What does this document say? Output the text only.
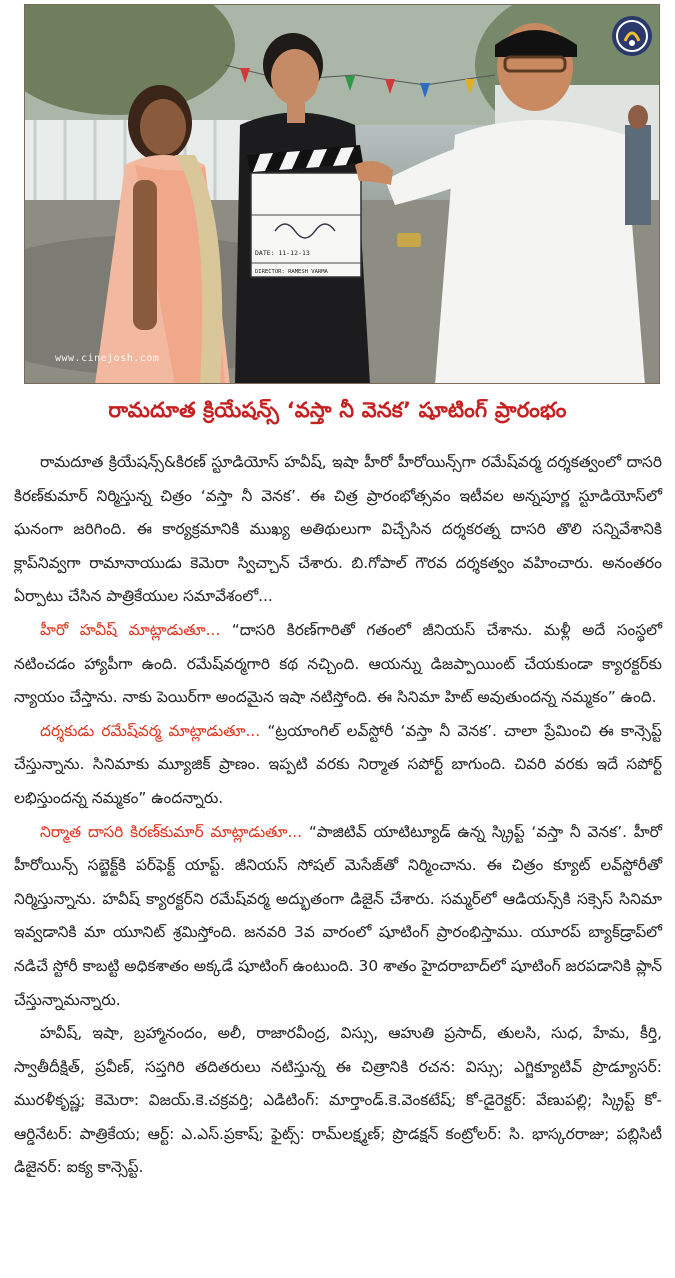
DATE: 11-12-13
DIRECTOR: RAMESH VARMA
www.cinejosh.com
రామదూత క్రియేషన్స్ ‘వస్తా నీ వెనక’ షూటింగ్ ప్రారంభం

రామదూత క్రియేషన్స్&కిరణ్ స్టూడియోస్ హవీష్, ఇషా హీరో హీరోయిన్స్‌గా రమేష్‌వర్మ దర్శకత్వంలో దాసరి కిరణ్‌కుమార్ నిర్మిస్తున్న చిత్రం ‘వస్తా నీ వెనక’. ఈ చిత్ర ప్రారంభోత్సవం ఇటీవల అన్నపూర్ణ స్టూడియోస్‌లో ఘనంగా జరిగింది. ఈ కార్యక్రమానికి ముఖ్య అతిథులుగా విచ్చేసిన దర్శకరత్న దాసరి తొలి సన్నివేశానికి క్లాప్‌నివ్వగా రామానాయుడు కెమెరా స్విచ్చాన్ చేశారు. బి.గోపాల్ గౌరవ దర్శకత్వం వహించారు. అనంతరం ఏర్పాటు చేసిన పాత్రికేయుల సమావేశంలో...

హీరో హవీష్ మాట్లాడుతూ... “దాసరి కిరణ్‌గారితో గతంలో జీనియస్ చేశాను. మళ్లీ అదే సంస్థలో నటించడం హ్యాపీగా ఉంది. రమేష్‌వర్మగారి కథ నచ్చింది. ఆయన్ను డిజప్పాయింట్ చేయకుండా క్యారక్టర్‌కు న్యాయం చేస్తాను. నాకు పెయిర్‌గా అందమైన ఇషా నటిస్తోంది. ఈ సినిమా హిట్ అవుతుందన్న నమ్మకం” ఉంది.

దర్శకుడు రమేష్‌వర్మ మాట్లాడుతూ... “ట్రయాంగిల్ లవ్‌స్టోరీ ‘వస్తా నీ వెనక’. చాలా ప్రేమించి ఈ కాన్సెప్ట్ చేస్తున్నాను. సినిమాకు మ్యూజిక్ ప్రాణం. ఇప్పటి వరకు నిర్మాత సపోర్ట్ బాగుంది. చివరి వరకు ఇదే సపోర్ట్ లభిస్తుందన్న నమ్మకం” ఉందన్నారు.

నిర్మాత దాసరి కిరణ్‌కుమార్ మాట్లాడుతూ... “పాజిటివ్ యాటిట్యూడ్ ఉన్న స్క్రిప్ట్ ‘వస్తా నీ వెనక’. హీరో హీరోయిన్స్ సబ్జెక్ట్‌కి పర్‌ఫెక్ట్ యాప్ట్. జీనియస్ సోషల్ మెసేజ్‌తో నిర్మించాను. ఈ చిత్రం క్యూట్ లవ్‌స్టోరీతో నిర్మిస్తున్నాను. హవీష్ క్యారక్టర్‌ని రమేష్‌వర్మ అద్భుతంగా డిజైన్ చేశారు. సమ్మర్‌లో ఆడియన్స్‌కి సక్సెస్ సినిమా ఇవ్వడానికి మా యూనిట్ శ్రమిస్తోంది. జనవరి 3వ వారంలో షూటింగ్ ప్రారంభిస్తాము. యూరప్ బ్యాక్‌డ్రాప్‌లో నడిచే స్టోరీ కాబట్టి అధికశాతం అక్కడే షూటింగ్ ఉంటుంది. 30 శాతం హైదరాబాద్‌లో షూటింగ్ జరపడానికి ప్లాన్ చేస్తున్నామన్నారు.

హవీష్, ఇషా, బ్రహ్మానందం, అలీ, రాజారవీంద్ర, విస్సు, ఆహుతి ప్రసాద్, తులసి, సుధ, హేమ, కీర్తి, స్వాతీదీక్షిత్, ప్రవీణ్, సప్తగిరి తదితరులు నటిస్తున్న ఈ చిత్రానికి రచన: విస్సు; ఎగ్జిక్యూటివ్ ప్రొడ్యూసర్: మురళీకృష్ణ; కెమెరా: విజయ్.కె.చక్రవర్తి; ఎడిటింగ్: మార్తాండ్.కె.వెంకటేష్; కో-డైరెక్టర్: వేణుపల్లి; స్క్రిప్ట్ కో-ఆర్డినేటర్: పాత్రికేయ; ఆర్ట్: ఎ.ఎస్.ప్రకాష్; ఫైట్స్: రామ్‌లక్ష్మణ్; ప్రొడక్షన్ కంట్రోలర్: సి. భాస్కరరాజు; పబ్లిసిటీ డిజైనర్: ఐక్య కాన్సెప్ట్.
